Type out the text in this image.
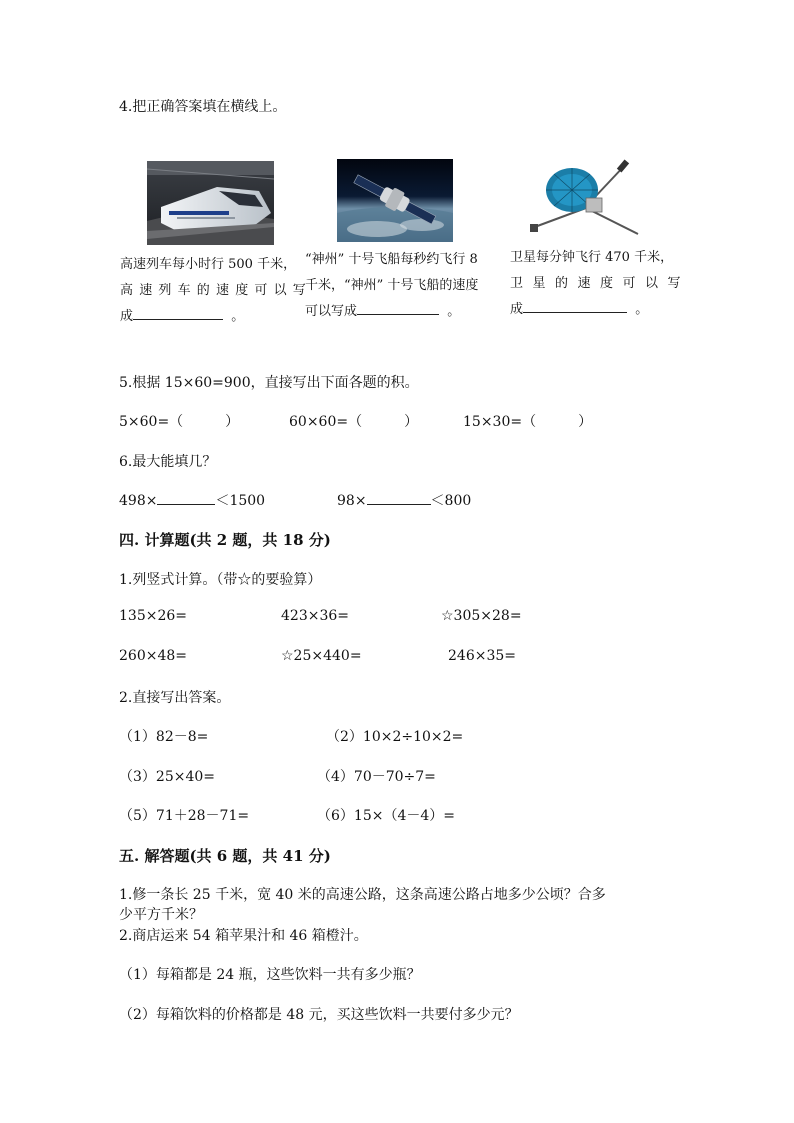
4.把正确答案填在横线上。
高速列车每小时行 500 千米，
高速列车的速度可以写
成	。
“神州” 十号飞船每秒约飞行 8
千米，“神州” 十号飞船的速度
可以写成	。
卫星每分钟飞行 470 千米，
卫星的速度可以写
成	。
5.根据 15×60=900，直接写出下面各题的积。
5×60=（　　　）	60×60=（　　　）	15×30=（　　　）
6.最大能填几？
498×	＜1500	98×	＜800
四. 计算题(共 2 题，共 18 分)
1.列竖式计算。（带☆的要验算）
135×26=	423×36=	☆305×28=
260×48=	☆25×440=	246×35=
2.直接写出答案。
（1）82－8=	（2）10×2÷10×2=
（3）25×40=	（4）70－70÷7=
（5）71＋28－71=	（6）15×（4－4）=
五. 解答题(共 6 题，共 41 分)
1.修一条长 25 千米，宽 40 米的高速公路，这条高速公路占地多少公顷？合多
少平方千米？
2.商店运来 54 箱苹果汁和 46 箱橙汁。
（1）每箱都是 24 瓶，这些饮料一共有多少瓶？
（2）每箱饮料的价格都是 48 元，买这些饮料一共要付多少元？
